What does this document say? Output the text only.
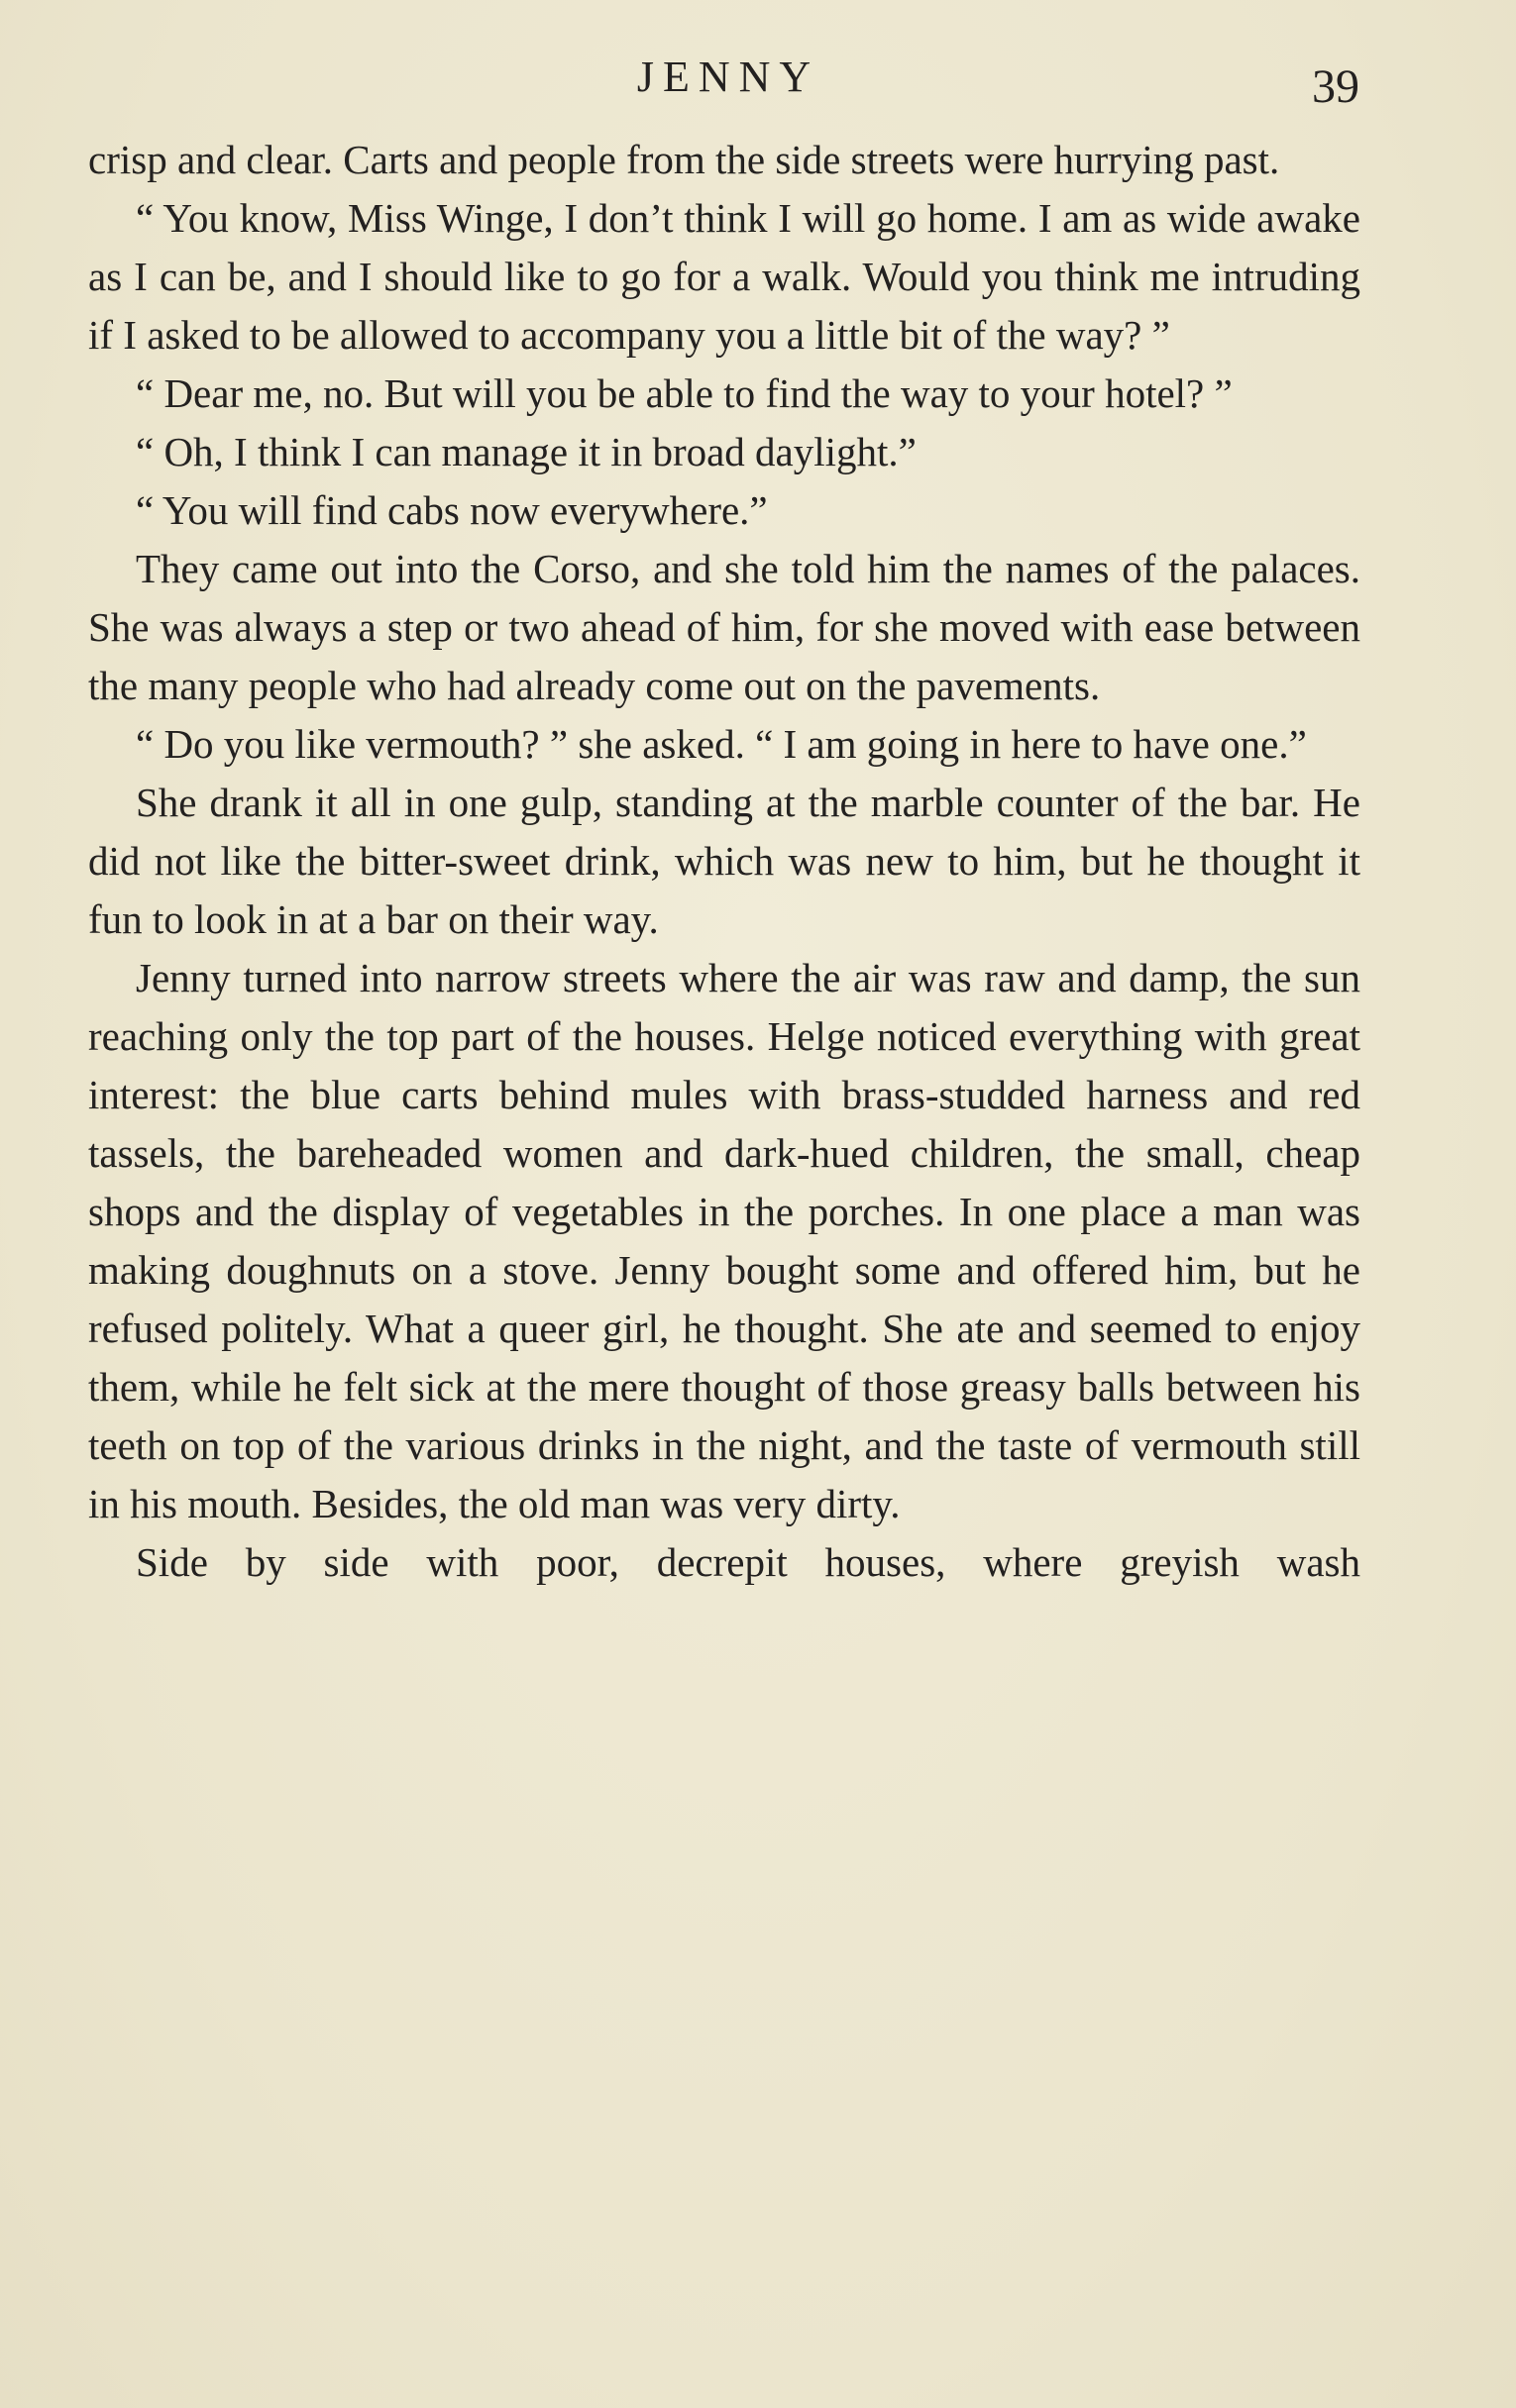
JENNY	39

crisp and clear. Carts and people from the side streets were hurrying past.

“ You know, Miss Winge, I don’t think I will go home. I am as wide awake as I can be, and I should like to go for a walk. Would you think me intruding if I asked to be allowed to accompany you a little bit of the way? ”

“ Dear me, no. But will you be able to find the way to your hotel? ”

“ Oh, I think I can manage it in broad daylight.”

“ You will find cabs now everywhere.”

They came out into the Corso, and she told him the names of the palaces. She was always a step or two ahead of him, for she moved with ease between the many people who had already come out on the pavements.

“ Do you like vermouth? ” she asked. “ I am going in here to have one.”

She drank it all in one gulp, standing at the marble counter of the bar. He did not like the bitter-sweet drink, which was new to him, but he thought it fun to look in at a bar on their way.

Jenny turned into narrow streets where the air was raw and damp, the sun reaching only the top part of the houses. Helge noticed everything with great interest: the blue carts behind mules with brass-studded harness and red tassels, the bareheaded women and dark-hued children, the small, cheap shops and the display of vegetables in the porches. In one place a man was making doughnuts on a stove. Jenny bought some and offered him, but he refused politely. What a queer girl, he thought. She ate and seemed to enjoy them, while he felt sick at the mere thought of those greasy balls between his teeth on top of the various drinks in the night, and the taste of vermouth still in his mouth. Besides, the old man was very dirty.

Side by side with poor, decrepit houses, where greyish wash
